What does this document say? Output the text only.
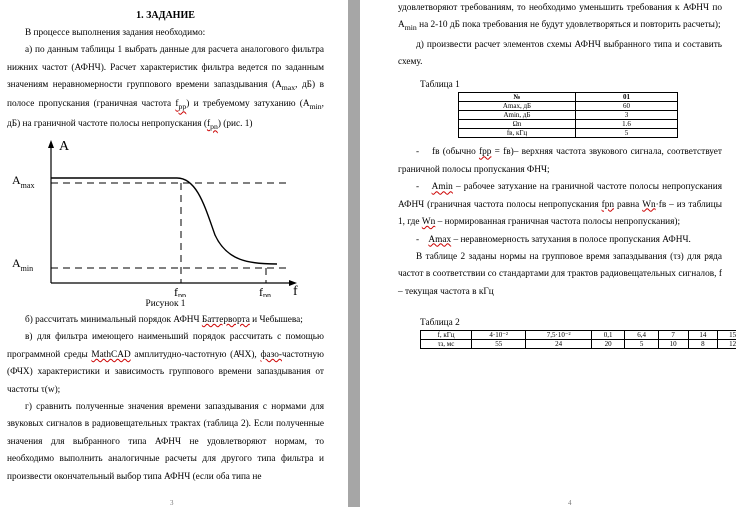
1. ЗАДАНИЕ

В процессе выполнения задания необходимо:

а) по данным таблицы 1 выбрать данные для расчета аналогового фильтра нижних частот (АФНЧ). Расчет характеристик фильтра ведется по заданным значениям неравномерности группового времени запаздывания ($A_{max}$, дБ) в полосе пропускания (граничная частота $f_{pp}$) и требуемому затуханию ($A_{min}$, дБ) на граничной частоте полосы непропускания $(f_{pn})$ (рис. 1)

A
$A_{max}$
$A_{min}$
fpp	fpn f
Рисунок 1

б) рассчитать минимальный порядок АФНЧ Баттерворта и Чебышева;

в) для фильтра имеющего наименьший порядок рассчитать с помощью программной среды MathCAD амплитудно-частотную (АЧХ), фазо-частотную (ФЧХ) характеристики и зависимость группового времени запаздывания от частоты τ(w);

г) сравнить полученные значения времени запаздывания с нормами для звуковых сигналов в радиовещательных трактах (таблица 2). Если полученные значения для выбранного типа АФНЧ не удовлетворяют нормам, то необходимо выполнить аналогичные расчеты для другого типа фильтра и произвести окончательный выбор типа АФНЧ (если оба типа не

3

удовлетворяют требованиям, то необходимо уменьшить требования к АФНЧ по $A_{min}$ на 2-10 дБ пока требования не будут удовлетворяться и повторить расчеты);

д) произвести расчет элементов схемы АФНЧ выбранного типа и составить схему.

Таблица 1
№	01
Amax, дБ	60
Amin, дБ	3
Ωn	1.6
fв, кГц	5

-    fв (обычно fpp = fв)– верхняя частота звукового сигнала, соответствует граничной полосы пропускания ФНЧ;

-    Amin – рабочее затухание на граничной частоте полосы непропускания АФНЧ (граничная частота полосы непропускания fpn равна Wn·fв – из таблицы 1, где Wn – нормированная граничная частота полосы непропускания);

-    Amax – неравномерность затухания в полосе пропускания АФНЧ.

В таблице 2 заданы нормы на групповое время запаздывания (τз) для ряда частот в соответствии со стандартами для трактов радиовещательных сигналов, f – текущая частота в кГц

Таблица 2
f, кГц	4·10⁻²	7,5·10⁻²	0,1	6,4	7	14	15
τз, мс	55	24	20	5	10	8	12
4
